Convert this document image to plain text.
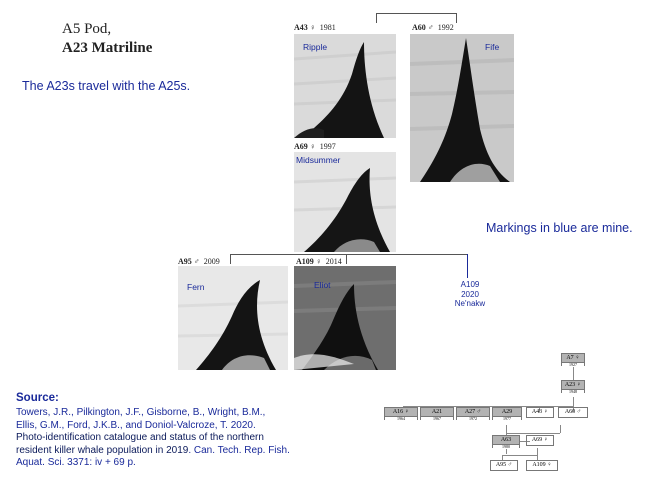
A5 Pod,
A23 Matriline
The A23s travel with the A25s.
Markings in blue are mine.
A43 ♀ 1981
Ripple
A60 ♂ 1992
Fife
A69 ♀ 1997
Midsummer
A95 ♂ 2009
Fern
A109 ♀ 2014
Eliot	A109
2020
Ne'nakw
Source:
Towers, J.R., Pilkington, J.F., Gisborne, B., Wright, B.M.,
Ellis, G.M., Ford, J.K.B., and Doniol-Valcroze, T. 2020.
Photo-identification catalogue and status of the northern
resident killer whale population in 2019. Can. Tech. Rep. Fish.
Aquat. Sci. 3371: iv + 69 p.
A7 ♀
1927
A23 ♀
1948
A16 ♀
1964
A21
1967
A27 ♂
1972
A29
1977
A43 ♀	A60 ♂
A63
1980
A69 ♀
A95 ♂	A109 ♀
